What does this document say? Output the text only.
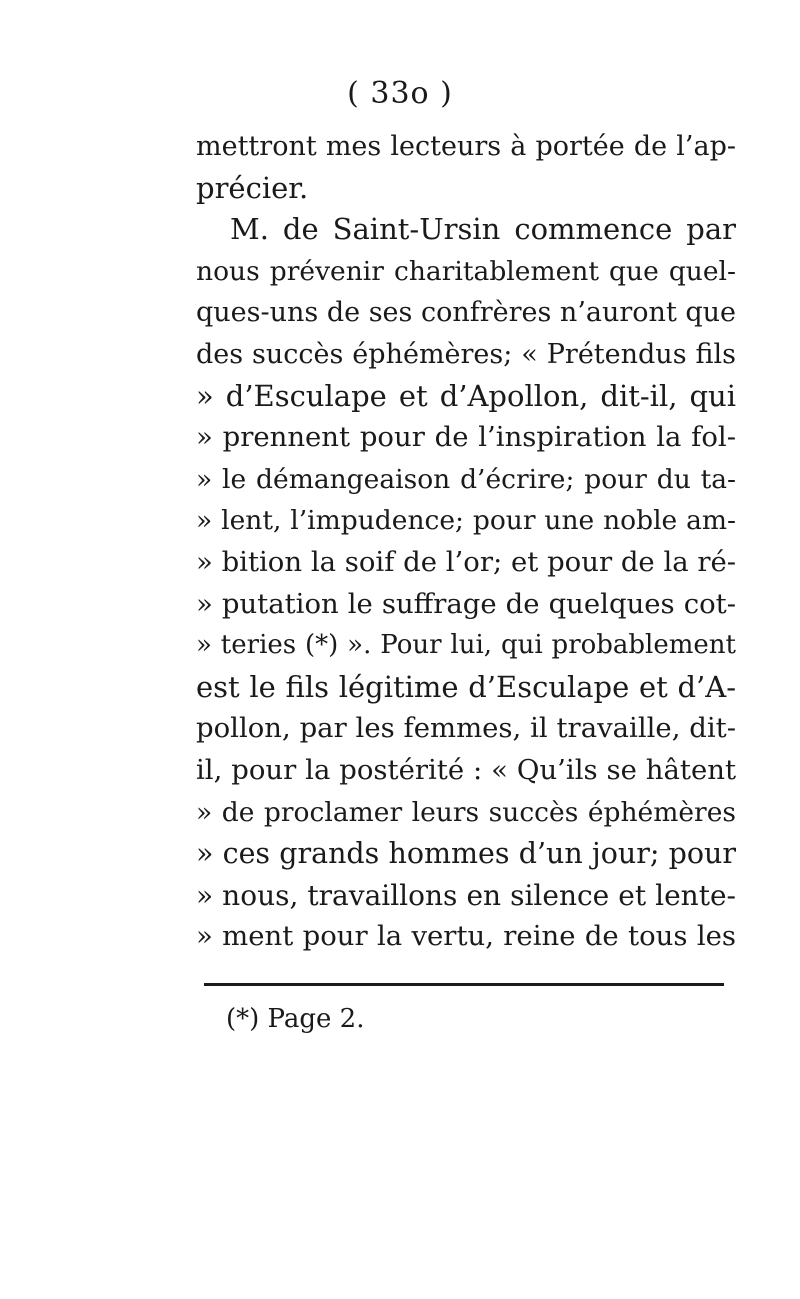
( 33o )
mettront mes lecteurs à portée de l’ap-
précier.
M. de Saint-Ursin commence par
nous prévenir charitablement que quel-
ques-uns de ses confrères n’auront que
des succès éphémères; « Prétendus fils
» d’Esculape et d’Apollon, dit-il, qui
» prennent pour de l’inspiration la fol-
» le démangeaison d’écrire; pour du ta-
» lent, l’impudence; pour une noble am-
» bition la soif de l’or; et pour de la ré-
» putation le suffrage de quelques cot-
» teries (*) ». Pour lui, qui probablement
est le fils légitime d’Esculape et d’A-
pollon, par les femmes, il travaille, dit-
il, pour la postérité : « Qu’ils se hâtent
» de proclamer leurs succès éphémères
» ces grands hommes d’un jour; pour
» nous, travaillons en silence et lente-
» ment pour la vertu, reine de tous les
(*) Page 2.
